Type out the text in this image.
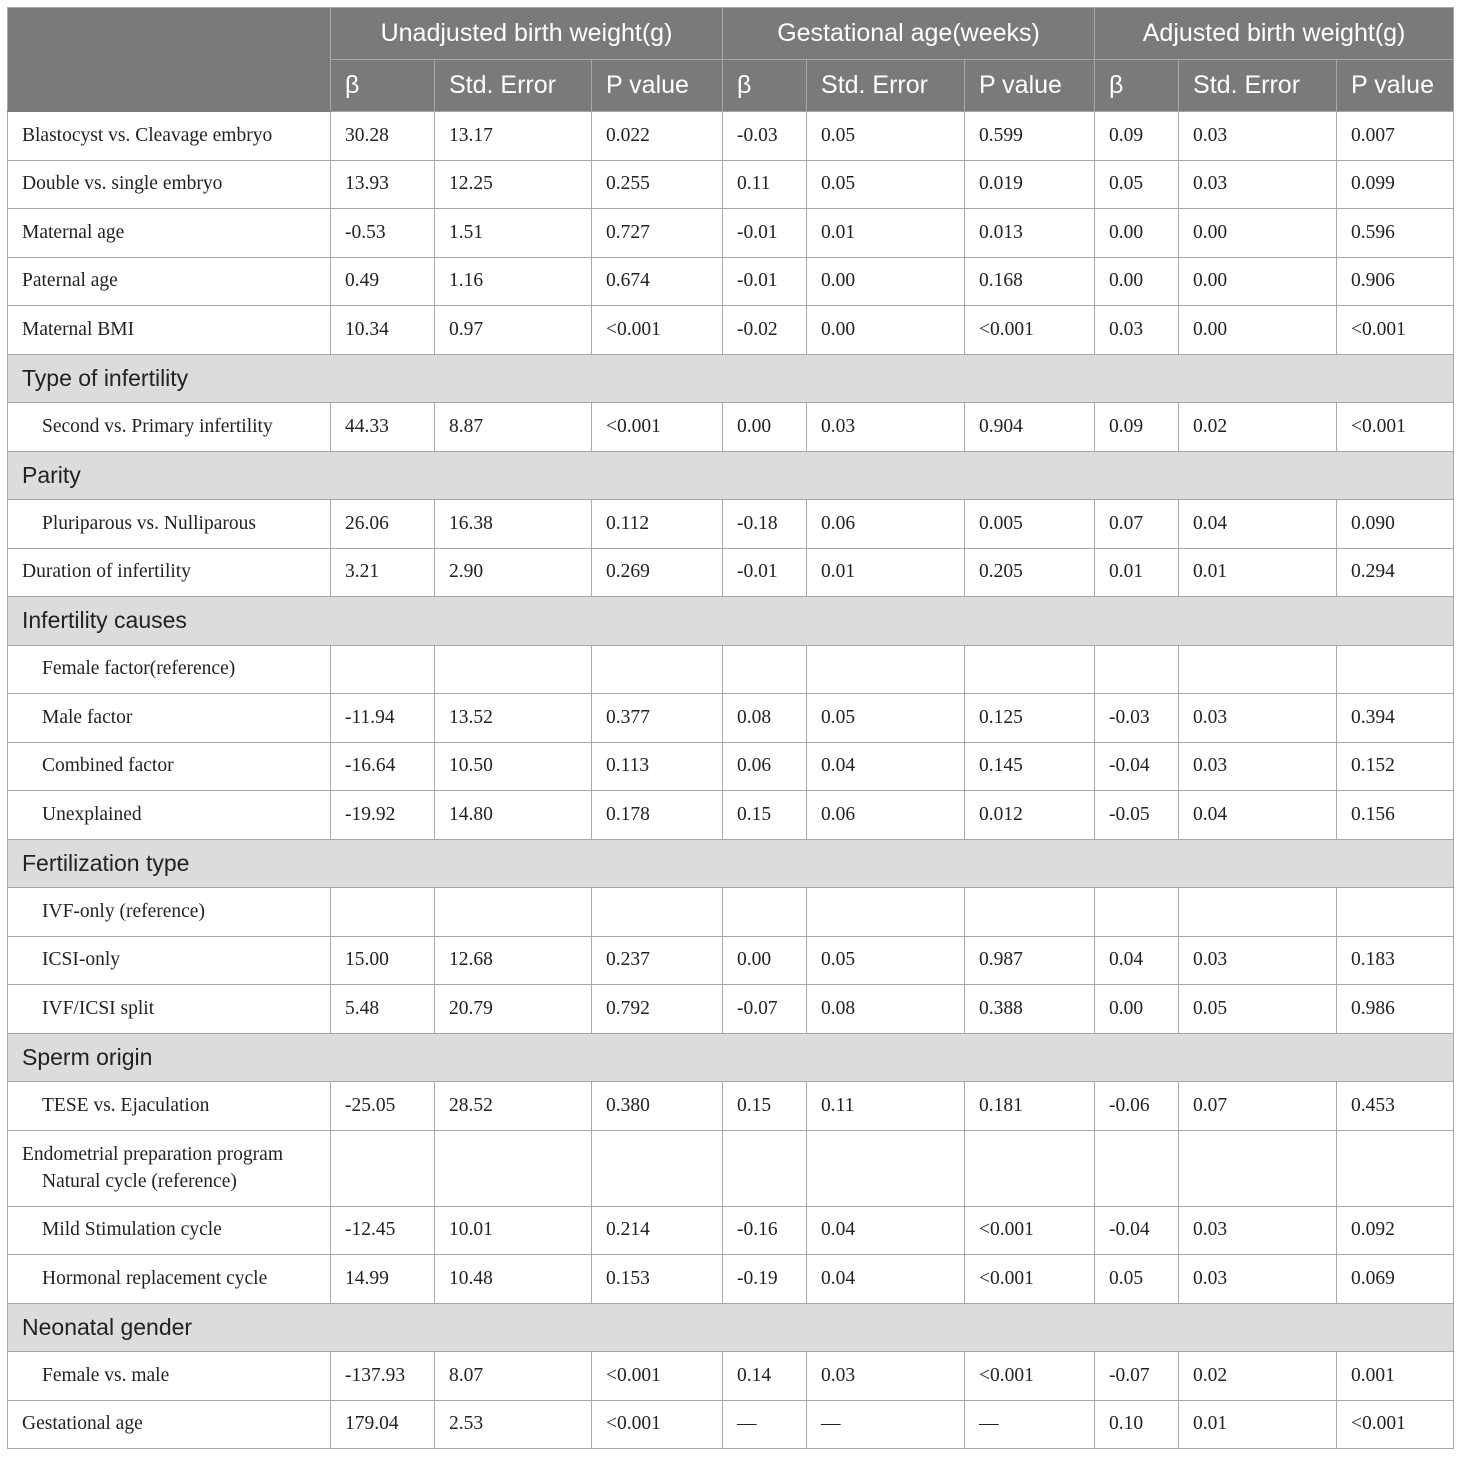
	Unadjusted birth weight(g)			Gestational age(weeks)			Adjusted birth weight(g)		
	β	Std. Error	P value	β	Std. Error	P value	β	Std. Error	P value
Blastocyst vs. Cleavage embryo	30.28	13.17	0.022	-0.03	0.05	0.599	0.09	0.03	0.007
Double vs. single embryo	13.93	12.25	0.255	0.11	0.05	0.019	0.05	0.03	0.099
Maternal age	-0.53	1.51	0.727	-0.01	0.01	0.013	0.00	0.00	0.596
Paternal age	0.49	1.16	0.674	-0.01	0.00	0.168	0.00	0.00	0.906
Maternal BMI	10.34	0.97	<0.001	-0.02	0.00	<0.001	0.03	0.00	<0.001
Type of infertility									
Second vs. Primary infertility	44.33	8.87	<0.001	0.00	0.03	0.904	0.09	0.02	<0.001
Parity									
Pluriparous vs. Nulliparous	26.06	16.38	0.112	-0.18	0.06	0.005	0.07	0.04	0.090
Duration of infertility	3.21	2.90	0.269	-0.01	0.01	0.205	0.01	0.01	0.294
Infertility causes									
Female factor(reference)									
Male factor	-11.94	13.52	0.377	0.08	0.05	0.125	-0.03	0.03	0.394
Combined factor	-16.64	10.50	0.113	0.06	0.04	0.145	-0.04	0.03	0.152
Unexplained	-19.92	14.80	0.178	0.15	0.06	0.012	-0.05	0.04	0.156
Fertilization type									
IVF-only (reference)									
ICSI-only	15.00	12.68	0.237	0.00	0.05	0.987	0.04	0.03	0.183
IVF/ICSI split	5.48	20.79	0.792	-0.07	0.08	0.388	0.00	0.05	0.986
Sperm origin									
TESE vs. Ejaculation	-25.05	28.52	0.380	0.15	0.11	0.181	-0.06	0.07	0.453

Endometrial preparation program
Natural cycle (reference)									

Mild Stimulation cycle	-12.45	10.01	0.214	-0.16	0.04	<0.001	-0.04	0.03	0.092
Hormonal replacement cycle	14.99	10.48	0.153	-0.19	0.04	<0.001	0.05	0.03	0.069
Neonatal gender									
Female vs. male	-137.93	8.07	<0.001	0.14	0.03	<0.001	-0.07	0.02	0.001
Gestational age	179.04	2.53	<0.001	—	—	—	0.10	0.01	<0.001
